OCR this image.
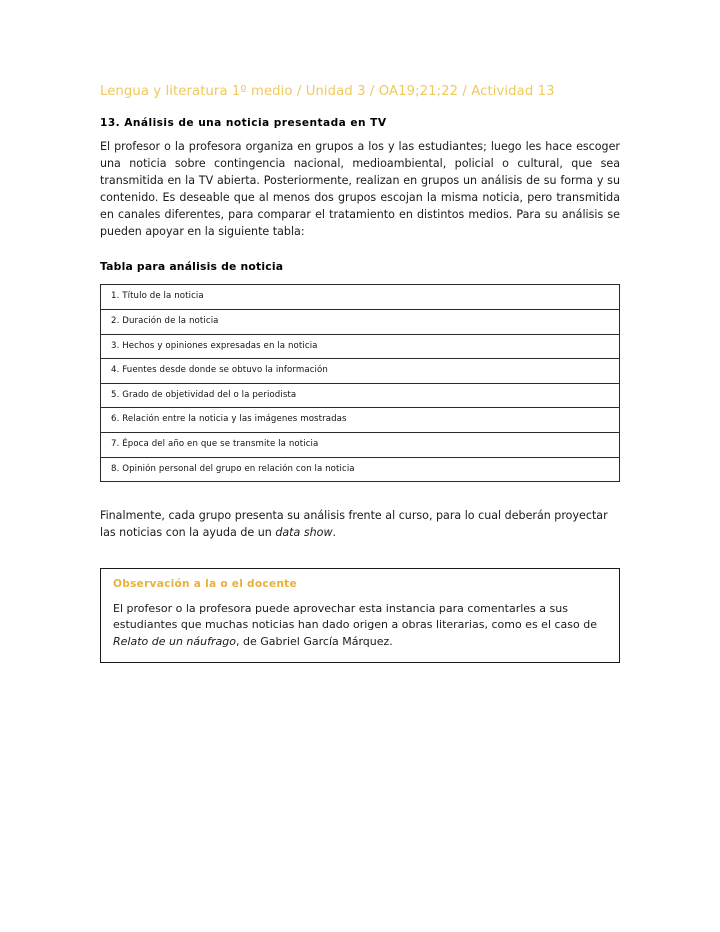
Lengua y literatura 1º medio / Unidad 3 / OA19;21;22 / Actividad 13
13. Análisis de una noticia presentada en TV

El profesor o la profesora organiza en grupos a los y las estudiantes; luego les hace escoger una noticia sobre contingencia nacional, medioambiental, policial o cultural, que sea transmitida en la TV abierta. Posteriormente, realizan en grupos un análisis de su forma y su contenido. Es deseable que al menos dos grupos escojan la misma noticia, pero transmitida en canales diferentes, para comparar el tratamiento en distintos medios. Para su análisis se pueden apoyar en la siguiente tabla:

Tabla para análisis de noticia
1. Título de la noticia
2. Duración de la noticia
3. Hechos y opiniones expresadas en la noticia
4. Fuentes desde donde se obtuvo la información
5. Grado de objetividad del o la periodista
6. Relación entre la noticia y las imágenes mostradas
7. Época del año en que se transmite la noticia
8. Opinión personal del grupo en relación con la noticia

Finalmente, cada grupo presenta su análisis frente al curso, para lo cual deberán proyectar las noticias con la ayuda de un data show.

Observación a la o el docente

El profesor o la profesora puede aprovechar esta instancia para comentarles a sus estudiantes que muchas noticias han dado origen a obras literarias, como es el caso de Relato de un náufrago, de Gabriel García Márquez.
